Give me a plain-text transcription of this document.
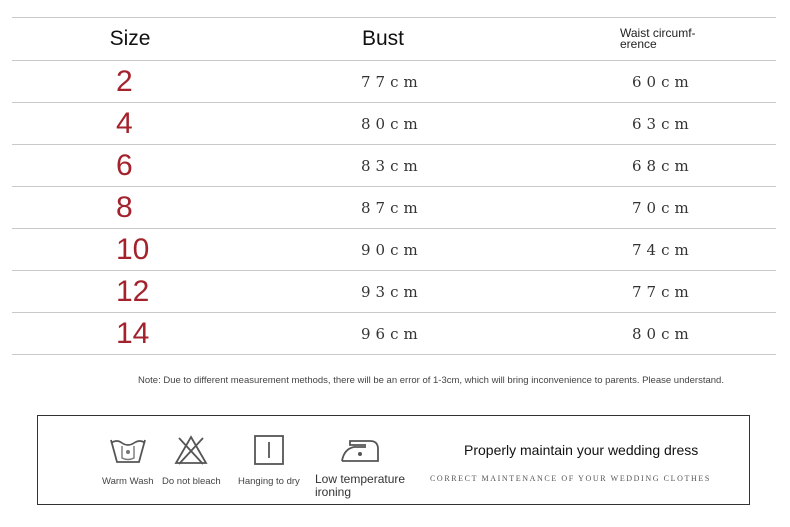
Size	Bust	Waist circumf-
erence
2	77cm	60cm
4	80cm	63cm
6	83cm	68cm
8	87cm	70cm
10	90cm	74cm
12	93cm	77cm
14	96cm	80cm
Note: Due to different measurement methods, there will be an error of 1-3cm, which will bring inconvenience to parents. Please understand.
Warm Wash Do not bleach Hanging to dry Low temperature
ironing
Properly maintain your wedding dress
CORRECT MAINTENANCE OF YOUR WEDDING CLOTHES
